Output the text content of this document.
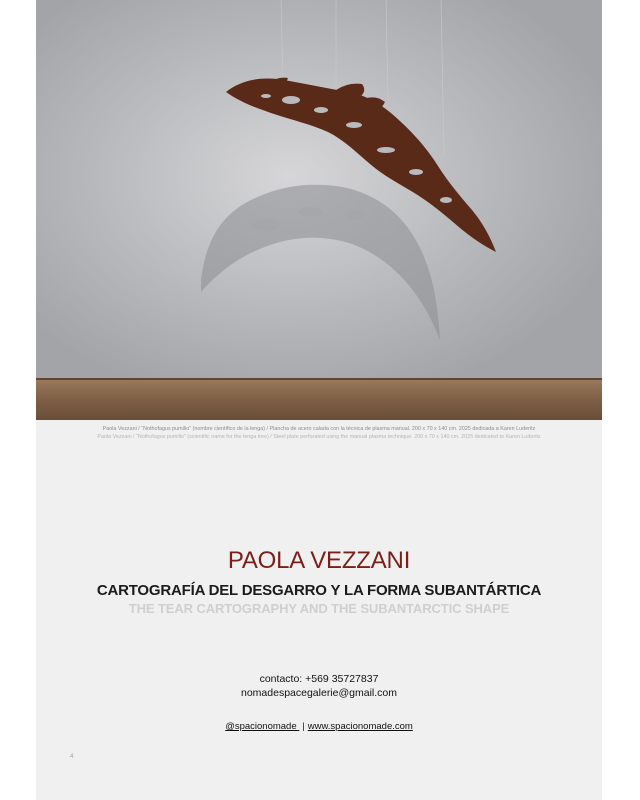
Paola Vezzani / “Nothofagus pumilio” (nombre científico de la lenga) / Plancha de acero calada con la técnica de plasma manual. 200 x 70 x 140 cm. 2025 dedicada a Karen Luderitz
Paola Vezzani / “Nothofagus pumilio” (scientific name for the lenga tree) / Steel plate perforated using the manual plasma technique. 200 x 70 x 140 cm. 2025 dedicated to Karen Luderitz
PAOLA VEZZANI
CARTOGRAFÍA DEL DESGARRO Y LA FORMA SUBANTÁRTICA
THE TEAR CARTOGRAPHY AND THE SUBANTARCTIC SHAPE
contacto: +569 35727837
nomadespacegalerie@gmail.com
@spacionomade | www.spacionomade.com
4
